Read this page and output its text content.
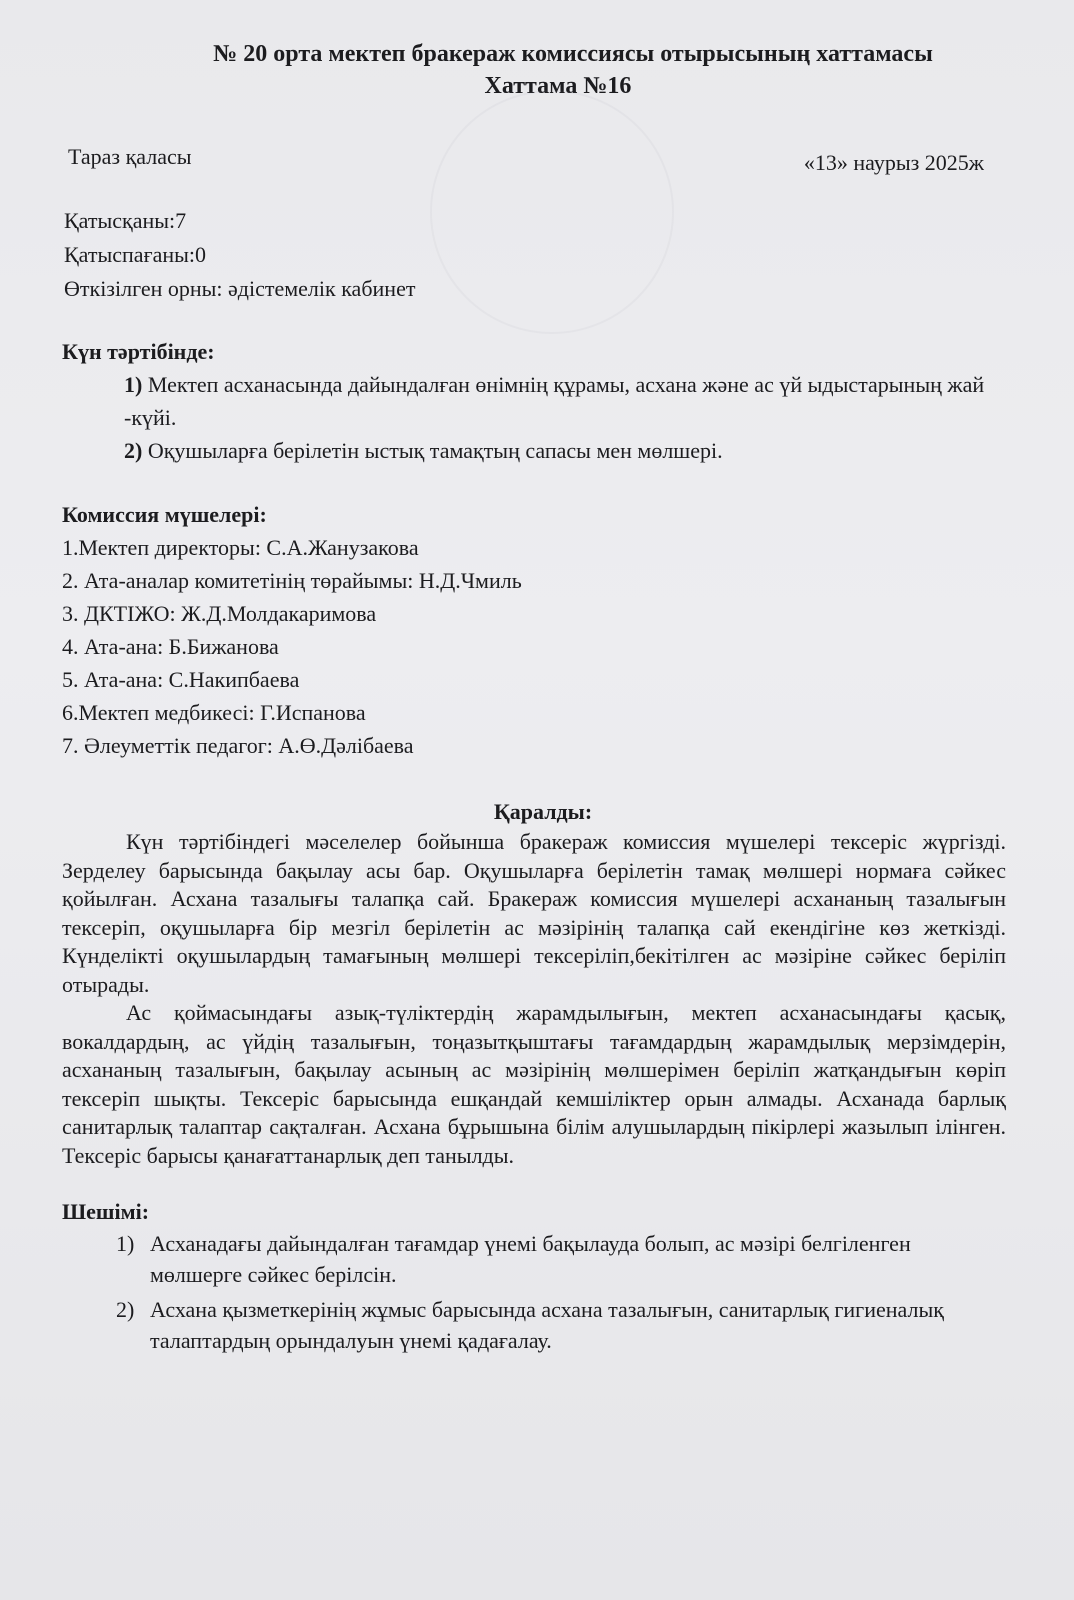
№ 20 орта мектеп бракераж комиссиясы отырысының хаттамасы
Хаттама №16
Тараз қаласы	«13» наурыз 2025ж
Қатысқаны:7
Қатыспағаны:0
Өткізілген орны: әдістемелік кабинет
Күн тәртібінде:
1) Мектеп асханасында дайындалған өнімнің құрамы, асхана және ас үй ыдыстарының жай -күйі.
2) Оқушыларға берілетін ыстық тамақтың сапасы мен мөлшері.
Комиссия мүшелері:
1.Мектеп директоры: С.А.Жанузакова
2. Ата-аналар комитетінің төрайымы: Н.Д.Чмиль
3. ДКТІЖО: Ж.Д.Молдакаримова
4. Ата-ана: Б.Бижанова
5. Ата-ана: С.Накипбаева
6.Мектеп медбикесі: Г.Испанова
7. Әлеуметтік педагог: А.Ө.Дәлібаева
Қаралды:

Күн тәртібіндегі мәселелер бойынша бракераж комиссия мүшелері тексеріс жүргізді. Зерделеу барысында бақылау асы бар. Оқушыларға берілетін тамақ мөлшері нормаға сәйкес қойылған. Асхана тазалығы талапқа сай. Бракераж комиссия мүшелері асхананың тазалығын тексеріп, оқушыларға бір мезгіл берілетін ас мәзірінің талапқа сай екендігіне көз жеткізді. Күнделікті оқушылардың тамағының мөлшері тексеріліп,бекітілген ас мәзіріне сәйкес беріліп отырады.

Ас қоймасындағы азық-түліктердің жарамдылығын, мектеп асханасындағы қасық, вокалдардың, ас үйдің тазалығын, тоңазытқыштағы тағамдардың жарамдылық мерзімдерін, асхананың тазалығын, бақылау асының ас мәзірінің мөлшерімен беріліп жатқандығын көріп тексеріп шықты. Тексеріс барысында ешқандай кемшіліктер орын алмады. Асханада барлық санитарлық талаптар сақталған. Асхана бұрышына білім алушылардың пікірлері жазылып ілінген. Тексеріс барысы қанағаттанарлық деп танылды.

Шешімі:
1) Асханадағы дайындалған тағамдар үнемі бақылауда болып, ас мәзірі белгіленген мөлшерге сәйкес берілсін.
2) Асхана қызметкерінің жұмыс барысында асхана тазалығын, санитарлық гигиеналық талаптардың орындалуын үнемі қадағалау.
